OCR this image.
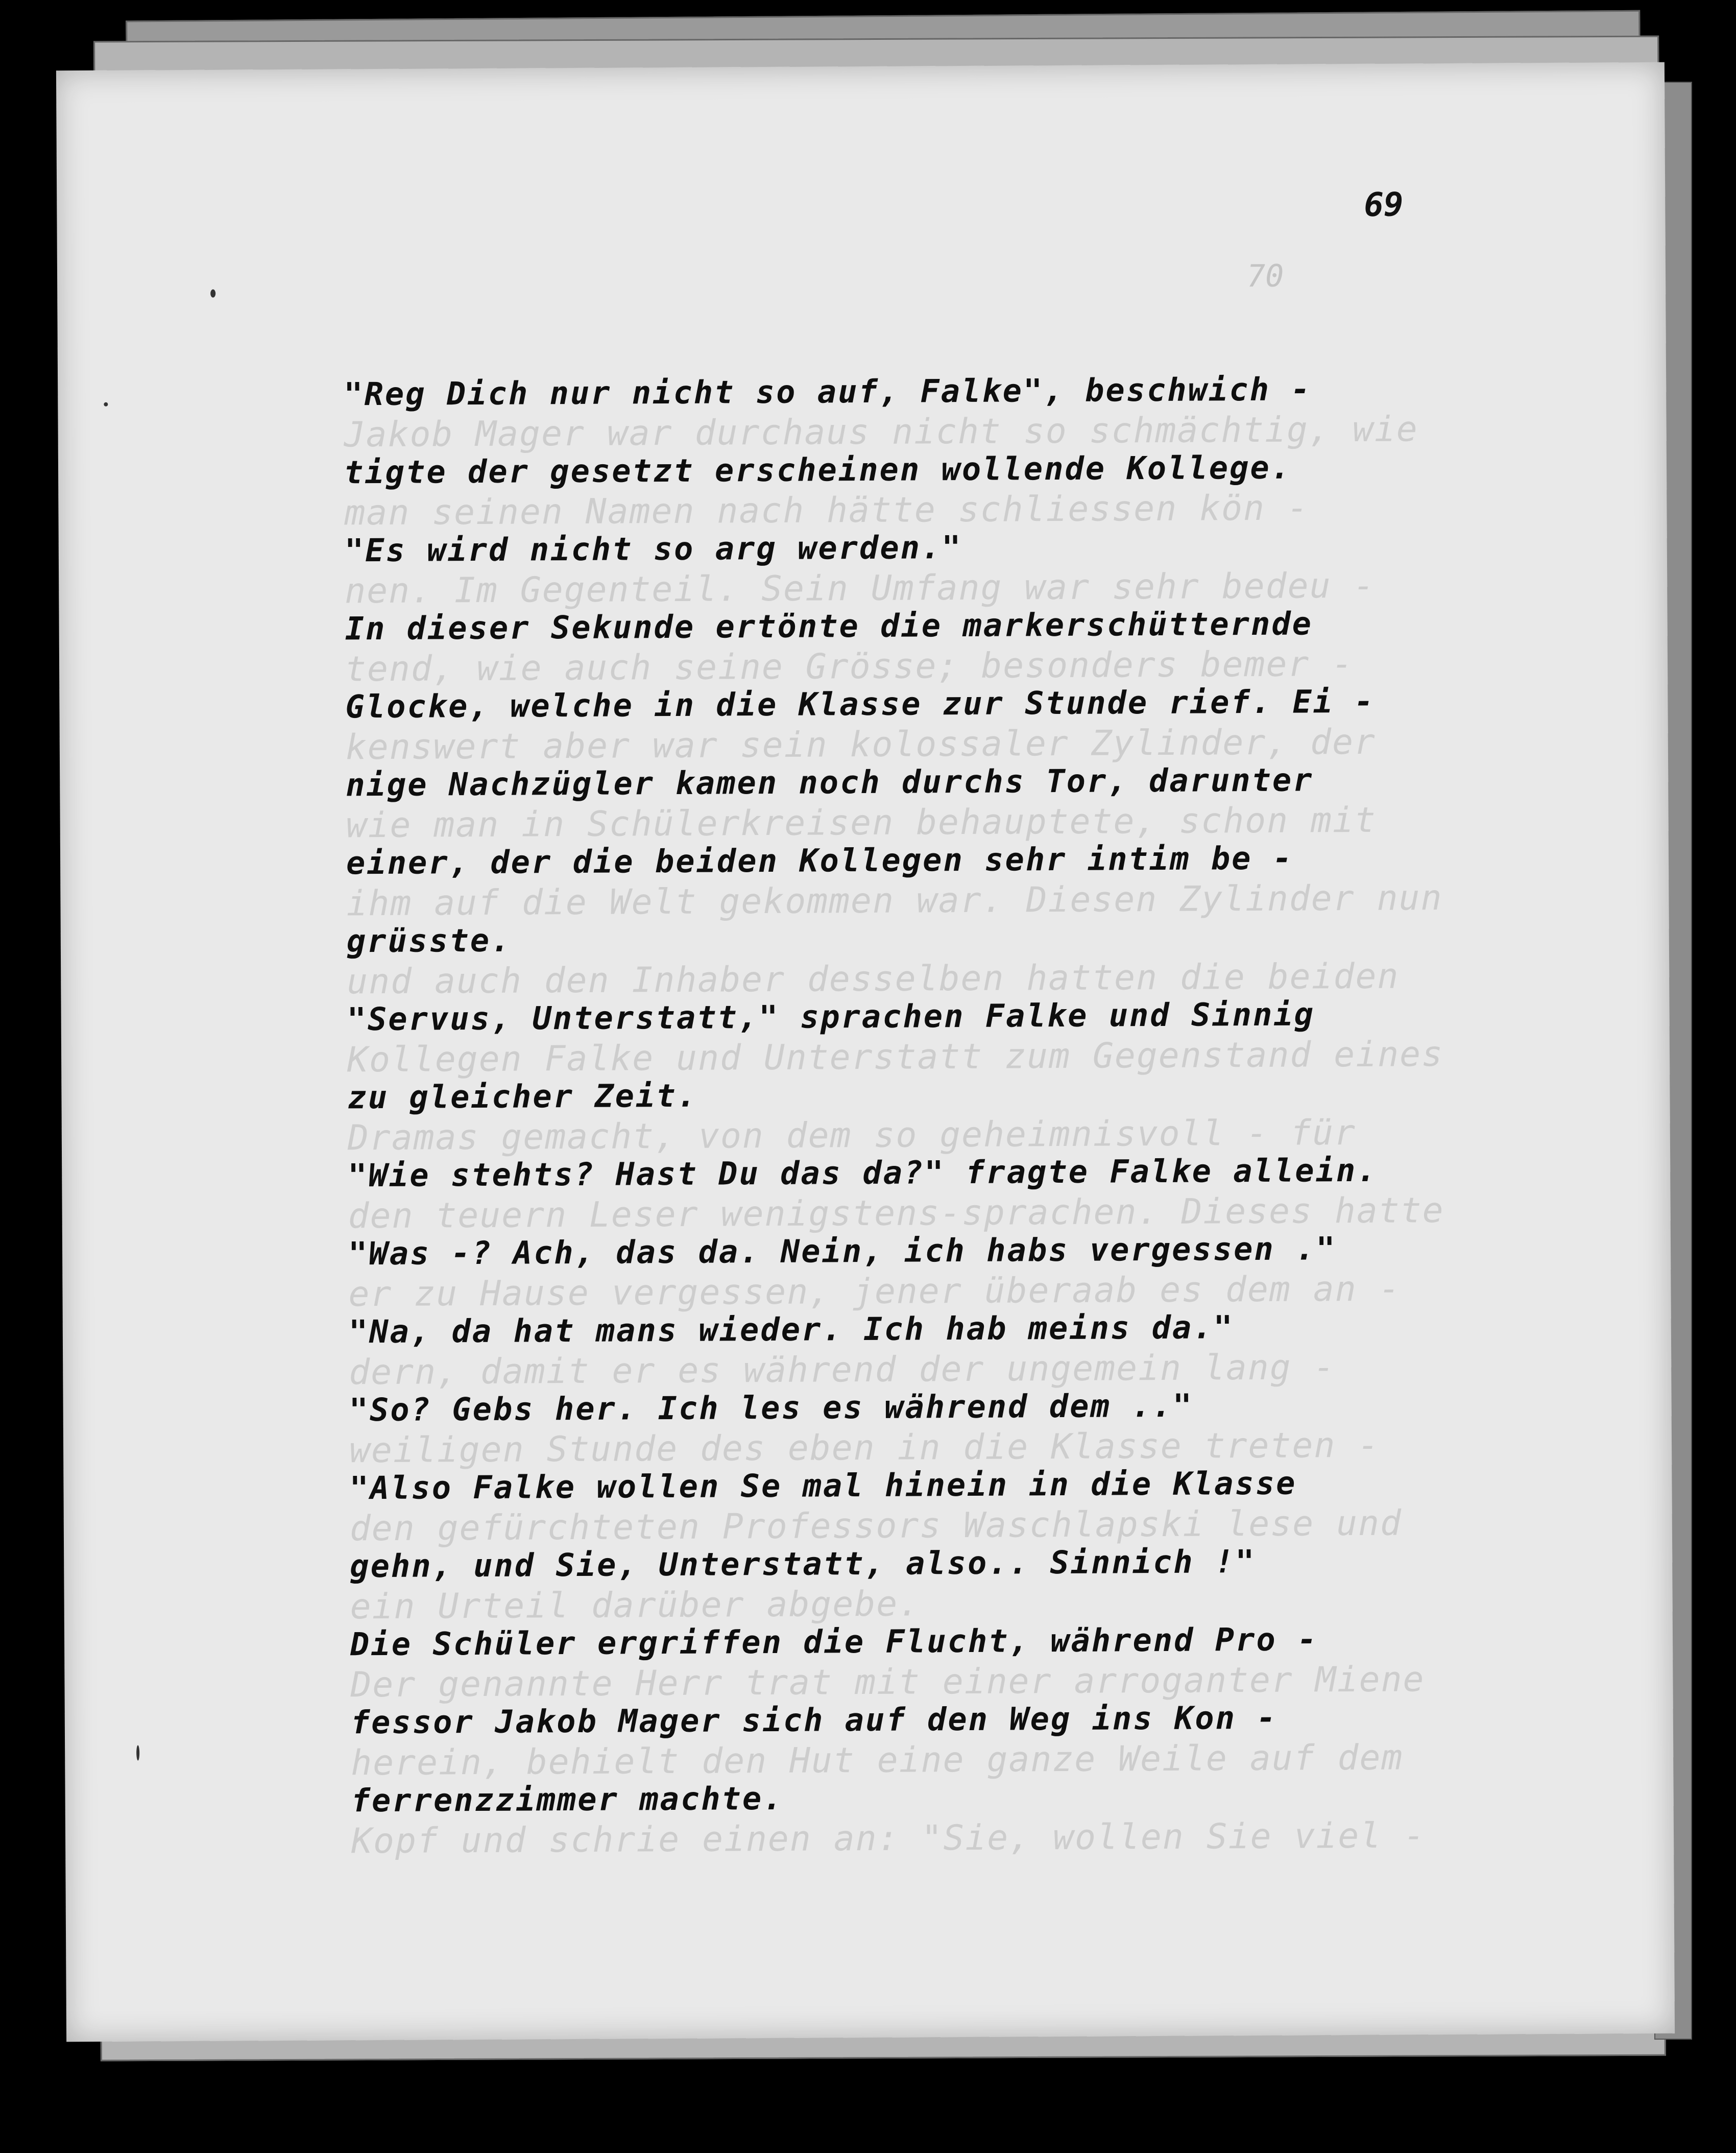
70

Jakob Mager war durchaus nicht so schmächtig, wie
man seinen Namen nach hätte schliessen kön -
nen. Im Gegenteil. Sein Umfang war sehr bedeu -
tend, wie auch seine Grösse; besonders bemer -
kenswert aber war sein kolossaler Zylinder, der
wie man in Schülerkreisen behauptete, schon mit
ihm auf die Welt gekommen war. Diesen Zylinder nun
und auch den Inhaber desselben hatten die beiden
Kollegen Falke und Unterstatt zum Gegenstand eines
Dramas gemacht, von dem so geheimnisvoll - für
den teuern Leser wenigstens-sprachen. Dieses hatte
er zu Hause vergessen, jener überaab es dem an -
dern, damit er es während der ungemein lang -
weiligen Stunde des eben in die Klasse treten -
den gefürchteten Professors Waschlapski lese und
ein Urteil darüber abgebe.
Der genannte Herr trat mit einer arroganter Miene
herein, behielt den Hut eine ganze Weile auf dem
Kopf und schrie einen an: "Sie, wollen Sie viel -

69

"Reg Dich nur nicht so auf, Falke", beschwich -
tigte der gesetzt erscheinen wollende Kollege.
"Es wird nicht so arg werden."
In dieser Sekunde ertönte die markerschütternde
Glocke, welche in die Klasse zur Stunde rief. Ei -
nige Nachzügler kamen noch durchs Tor, darunter
einer, der die beiden Kollegen sehr intim be -
grüsste.
"Servus, Unterstatt," sprachen Falke und Sinnig
zu gleicher Zeit.
"Wie stehts? Hast Du das da?" fragte Falke allein.
"Was -? Ach, das da. Nein, ich habs vergessen ."
"Na, da hat mans wieder. Ich hab meins da."
"So? Gebs her. Ich les es während dem .."
"Also Falke wollen Se mal hinein in die Klasse
gehn, und Sie, Unterstatt, also.. Sinnich !"
Die Schüler ergriffen die Flucht, während Pro -
fessor Jakob Mager sich auf den Weg ins Kon -
ferrenzzimmer machte.
